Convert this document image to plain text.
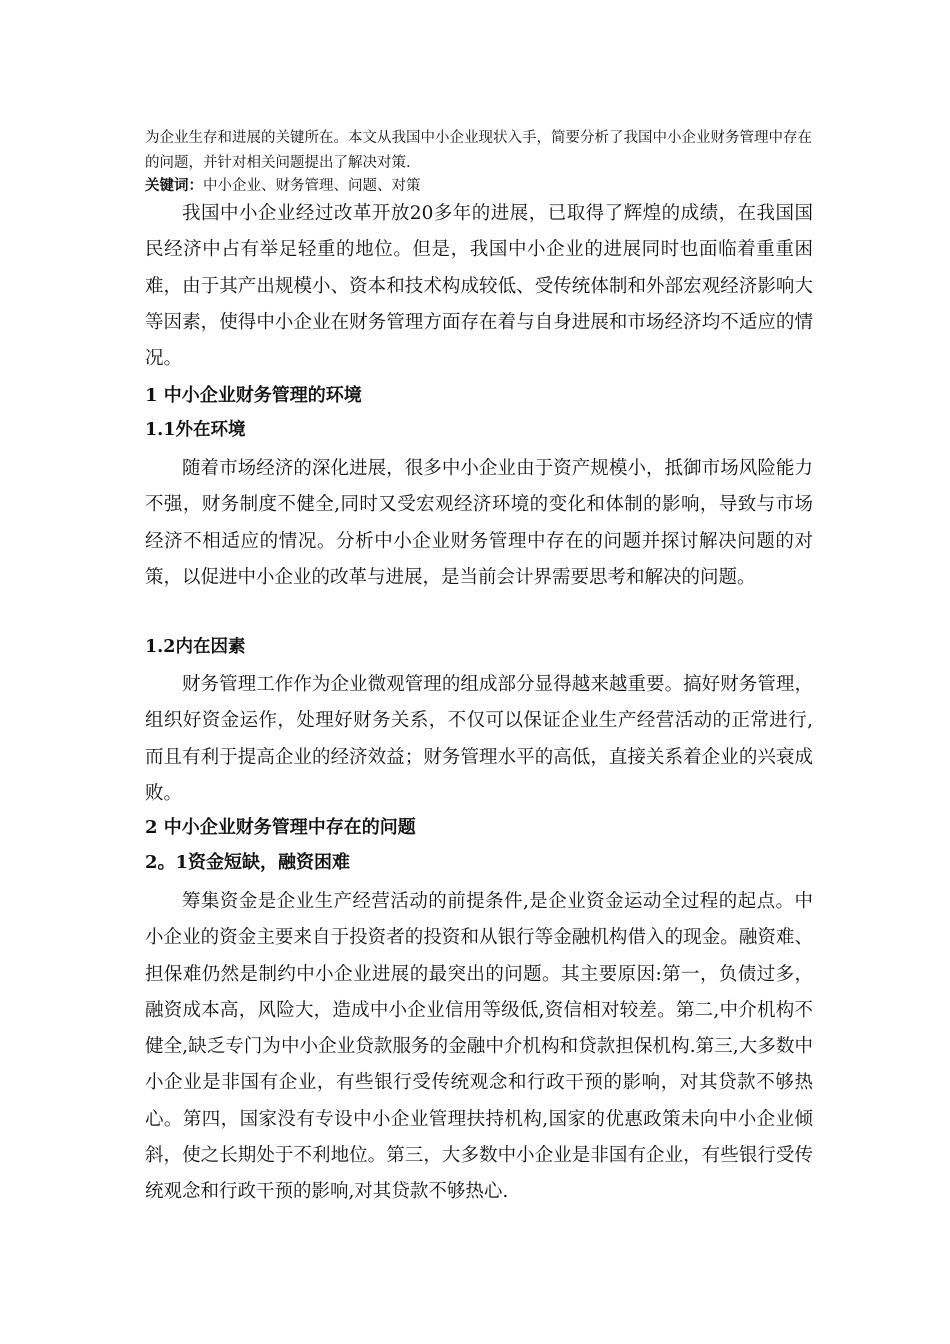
为企业生存和进展的关键所在。本文从我国中小企业现状入手，简要分析了我国中小企业财务管理中存在的问题，并针对相关问题提出了解决对策.

关键词：中小企业、财务管理、问题、对策

我国中小企业经过改革开放20多年的进展，已取得了辉煌的成绩，在我国国民经济中占有举足轻重的地位。但是，我国中小企业的进展同时也面临着重重困难，由于其产出规模小、资本和技术构成较低、受传统体制和外部宏观经济影响大等因素，使得中小企业在财务管理方面存在着与自身进展和市场经济均不适应的情况。

1 中小企业财务管理的环境
1.1外在环境

随着市场经济的深化进展，很多中小企业由于资产规模小，抵御市场风险能力不强，财务制度不健全,同时又受宏观经济环境的变化和体制的影响，导致与市场经济不相适应的情况。分析中小企业财务管理中存在的问题并探讨解决问题的对策，以促进中小企业的改革与进展，是当前会计界需要思考和解决的问题。

1.2内在因素

财务管理工作作为企业微观管理的组成部分显得越来越重要。搞好财务管理，组织好资金运作，处理好财务关系，不仅可以保证企业生产经营活动的正常进行,而且有利于提高企业的经济效益；财务管理水平的高低，直接关系着企业的兴衰成败。

2 中小企业财务管理中存在的问题
2。1资金短缺，融资困难

筹集资金是企业生产经营活动的前提条件,是企业资金运动全过程的起点。中小企业的资金主要来自于投资者的投资和从银行等金融机构借入的现金。融资难、担保难仍然是制约中小企业进展的最突出的问题。其主要原因:第一，负债过多，融资成本高，风险大，造成中小企业信用等级低,资信相对较差。第二,中介机构不健全,缺乏专门为中小企业贷款服务的金融中介机构和贷款担保机构.第三,大多数中小企业是非国有企业，有些银行受传统观念和行政干预的影响，对其贷款不够热心。第四，国家没有专设中小企业管理扶持机构,国家的优惠政策未向中小企业倾斜，使之长期处于不利地位。第三，大多数中小企业是非国有企业，有些银行受传统观念和行政干预的影响,对其贷款不够热心.
